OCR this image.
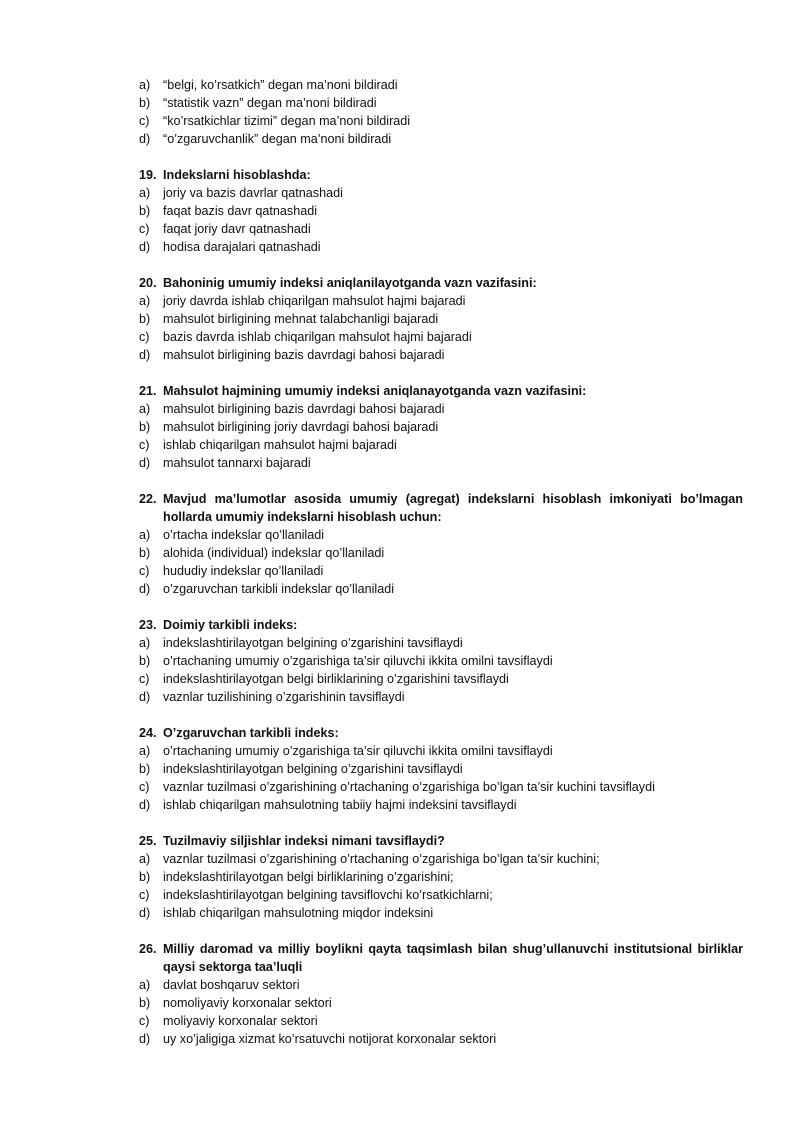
a)	“belgi, ko’rsatkich” degan ma’noni bildiradi
b)	“statistik vazn” degan ma’noni bildiradi
c)	“ko’rsatkichlar tizimi” degan ma’noni bildiradi
d)	“o’zgaruvchanlik” degan ma’noni bildiradi
19. Indekslarni hisoblashda:
a)	joriy va bazis davrlar qatnashadi
b)	faqat bazis davr qatnashadi
c)	faqat joriy davr qatnashadi
d)	hodisa darajalari qatnashadi
20. Bahoninig umumiy indeksi aniqlanilayotganda vazn vazifasini:
a)	joriy davrda ishlab chiqarilgan mahsulot hajmi bajaradi
b)	mahsulot birligining mehnat talabchanligi bajaradi
c)	bazis davrda ishlab chiqarilgan mahsulot hajmi bajaradi
d)	mahsulot birligining bazis davrdagi bahosi bajaradi
21. Mahsulot hajmining umumiy indeksi aniqlanayotganda vazn vazifasini:
a)	mahsulot birligining bazis davrdagi bahosi bajaradi
b)	mahsulot birligining joriy davrdagi bahosi bajaradi
c)	ishlab chiqarilgan mahsulot hajmi bajaradi
d)	mahsulot tannarxi bajaradi
22. Mavjud ma’lumotlar asosida umumiy (agregat) indekslarni hisoblash imkoniyati bo’lmagan hollarda umumiy indekslarni hisoblash uchun:
a)	o’rtacha indekslar qo’llaniladi
b)	alohida (individual) indekslar qo’llaniladi
c)	hududiy indekslar qo’llaniladi
d)	o’zgaruvchan tarkibli indekslar qo’llaniladi
23. Doimiy tarkibli indeks:
a)	indekslashtirilayotgan belgining o’zgarishini tavsiflaydi
b)	o’rtachaning umumiy o’zgarishiga ta’sir qiluvchi ikkita omilni tavsiflaydi
c)	indekslashtirilayotgan belgi birliklarining o’zgarishini tavsiflaydi
d)	vaznlar tuzilishining o’zgarishinin tavsiflaydi
24. O’zgaruvchan tarkibli indeks:
a)	o’rtachaning umumiy o’zgarishiga ta’sir qiluvchi ikkita omilni tavsiflaydi
b)	indekslashtirilayotgan belgining o’zgarishini tavsiflaydi
c)	vaznlar tuzilmasi o’zgarishining o’rtachaning o’zgarishiga bo’lgan ta’sir kuchini tavsiflaydi
d)	ishlab chiqarilgan mahsulotning tabiiy hajmi indeksini tavsiflaydi
25. Tuzilmaviy siljishlar indeksi nimani tavsiflaydi?
a)	vaznlar tuzilmasi o’zgarishining o’rtachaning o’zgarishiga bo’lgan ta’sir kuchini;
b)	indekslashtirilayotgan belgi birliklarining o’zgarishini;
c)	indekslashtirilayotgan belgining tavsiflovchi ko’rsatkichlarni;
d)	ishlab chiqarilgan mahsulotning miqdor indeksini
26. Milliy daromad va milliy boylikni qayta taqsimlash bilan shug’ullanuvchi institutsional birliklar qaysi sektorga taa’luqli
a)	davlat boshqaruv sektori
b)	nomoliyaviy korxonalar sektori
c)	moliyaviy korxonalar sektori
d)	uy xo’jaligiga xizmat ko’rsatuvchi notijorat korxonalar sektori
